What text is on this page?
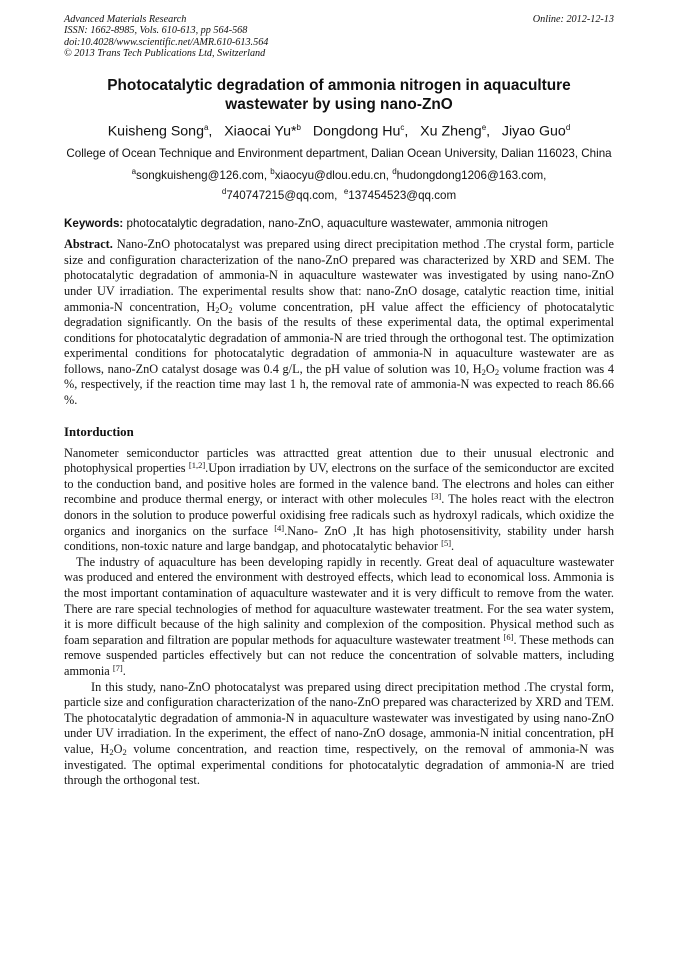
Advanced Materials Research
ISSN: 1662-8985, Vols. 610-613, pp 564-568
doi:10.4028/www.scientific.net/AMR.610-613.564
© 2013 Trans Tech Publications Ltd, Switzerland
Online: 2012-12-13
Photocatalytic degradation of ammonia nitrogen in aquaculture
wastewater by using nano-ZnO
Kuisheng Song$^a$,   Xiaocai Yu*$^b$ Dongdong Hu$^c$,   Xu Zheng$^e$,   Jiyao Guo$^d$
College of Ocean Technique and Environment department, Dalian Ocean University, Dalian 116023, China
$^a$songkuisheng@126.com, $^b$xiaocyu@dlou.edu.cn, $^d$hudongdong1206@163.com,
$^d$740747215@qq.com,  $^e$137454523@qq.com
Keywords: photocatalytic degradation, nano-ZnO, aquaculture wastewater, ammonia nitrogen
Abstract. Nano-ZnO photocatalyst was prepared using direct precipitation method .The crystal form, particle size and configuration characterization of the nano-ZnO prepared was characterized by XRD and SEM. The photocatalytic degradation of ammonia-N in aquaculture wastewater was investigated by using nano-ZnO under UV irradiation. The experimental results show that: nano-ZnO dosage, catalytic reaction time, initial ammonia-N concentration, $H_2O_2$ volume concentration, pH value affect the efficiency of photocatalytic degradation significantly. On the basis of the results of these experimental data, the optimal experimental conditions for photocatalytic degradation of ammonia-N are tried through the orthogonal test. The optimization experimental conditions for photocatalytic degradation of ammonia-N in aquaculture wastewater are as follows, nano-ZnO catalyst dosage was 0.4 g/L, the pH value of solution was 10, $H_2O_2$ volume fraction was 4 %, respectively, if the reaction time may last 1 h, the removal rate of ammonia-N was expected to reach 86.66 %.
Intorduction
Nanometer semiconductor particles was attractted great attention due to their unusual electronic and photophysical properties [1,2].Upon irradiation by UV, electrons on the surface of the semiconductor are excited to the conduction band, and positive holes are formed in the valence band. The electrons and holes can either recombine and produce thermal energy, or interact with other molecules [3]. The holes react with the electron donors in the solution to produce powerful oxidising free radicals such as hydroxyl radicals, which oxidize the organics and inorganics on the surface [4].Nano- ZnO ,It has high photosensitivity, stability under harsh conditions, non-toxic nature and large bandgap, and photocatalytic behavior [5].
The industry of aquaculture has been developing rapidly in recently. Great deal of aquaculture wastewater was produced and entered the environment with destroyed effects, which lead to economical loss. Ammonia is the most important contamination of aquaculture wastewater and it is very difficult to remove from the water. There are rare special technologies of method for aquaculture wastewater treatment. For the sea water system, it is more difficult because of the high salinity and complexion of the composition. Physical method such as foam separation and filtration are popular methods for aquaculture wastewater treatment [6]. These methods can remove suspended particles effectively but can not reduce the concentration of solvable matters, including ammonia [7].
In this study, nano-ZnO photocatalyst was prepared using direct precipitation method .The crystal form, particle size and configuration characterization of the nano-ZnO prepared was characterized by XRD and TEM. The photocatalytic degradation of ammonia-N in aquaculture wastewater was investigated by using nano-ZnO under UV irradiation. In the experiment, the effect of nano-ZnO dosage, ammonia-N initial concentration, pH value, $H_2O_2$ volume concentration, and reaction time, respectively, on the removal of ammonia-N was investigated. The optimal experimental conditions for photocatalytic degradation of ammonia-N are tried through the orthogonal test.
